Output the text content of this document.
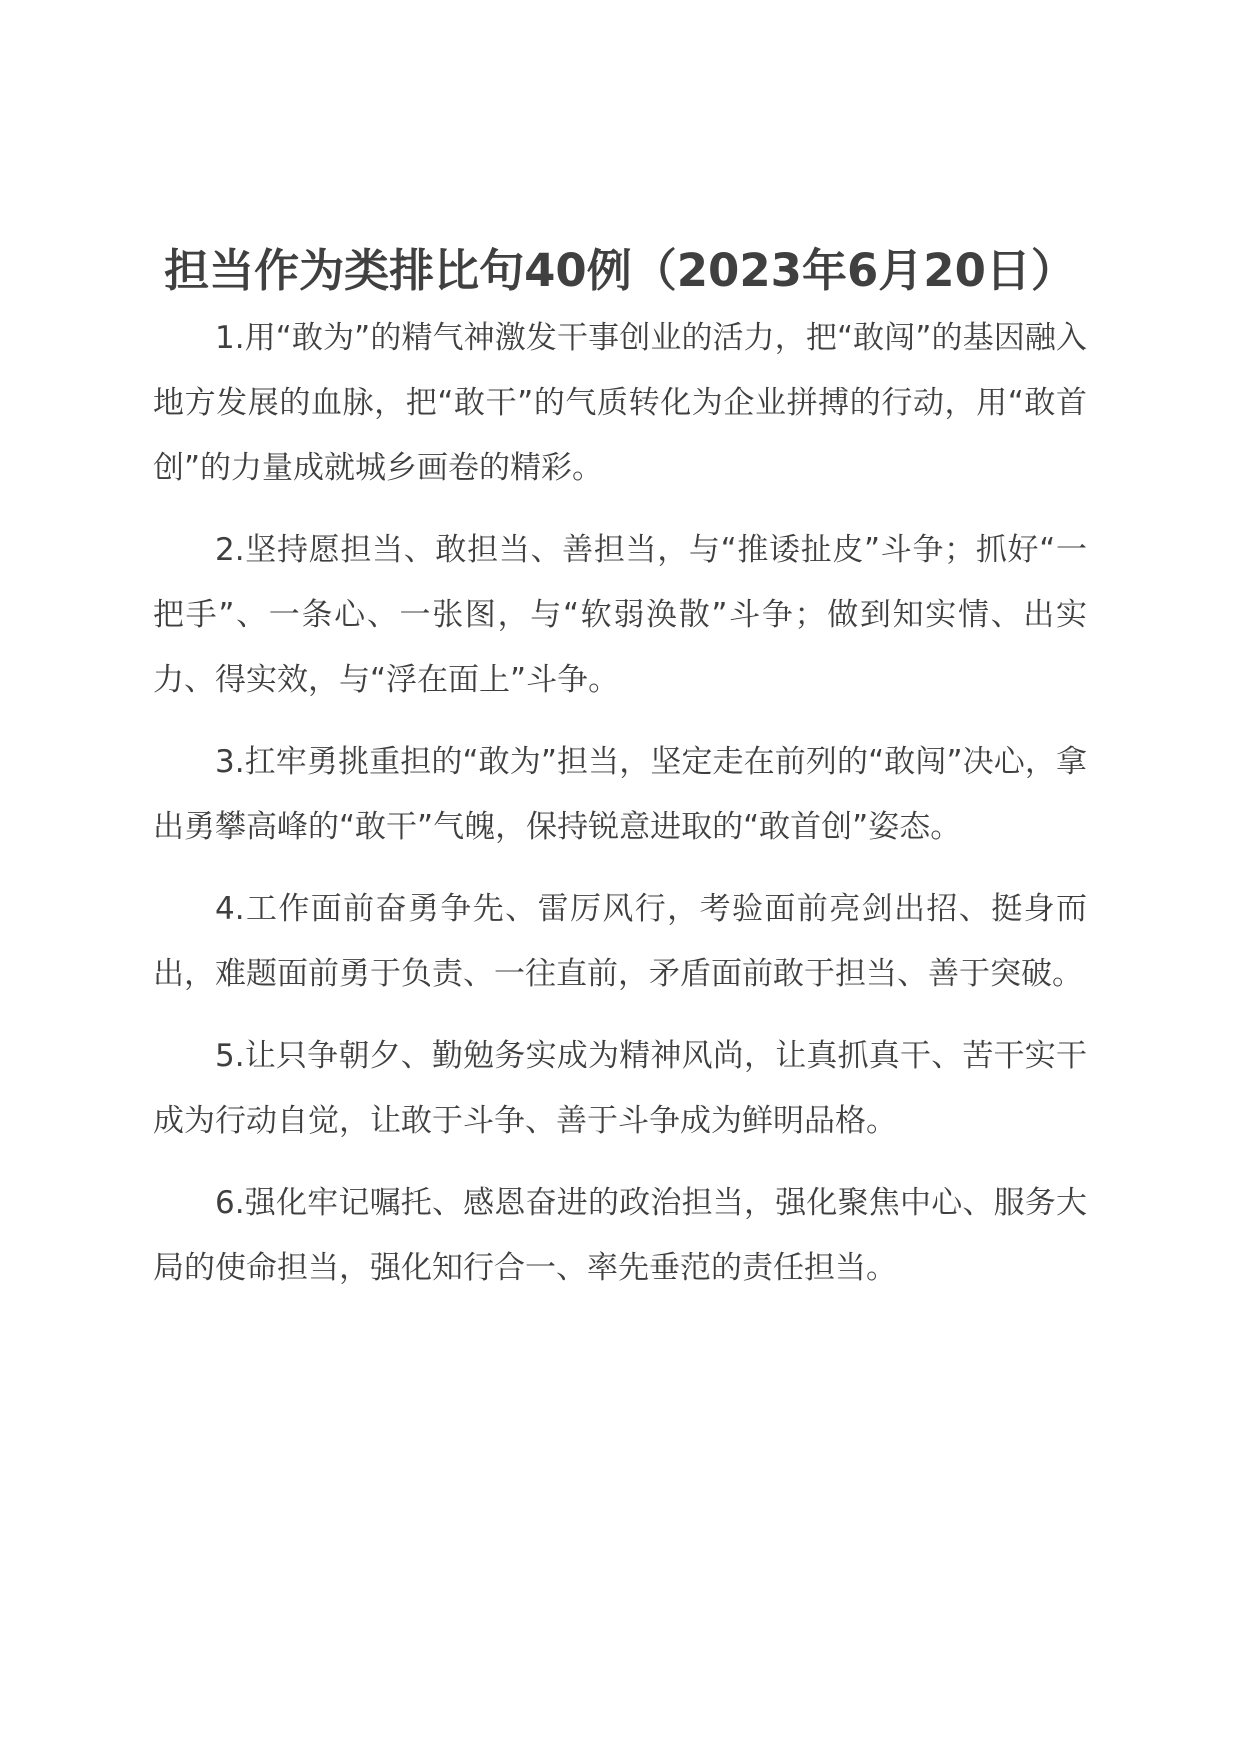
担当作为类排比句40例（2023年6月20日）

1.用“敢为”的精气神激发干事创业的活力，把“敢闯”的基因融入地方发展的血脉，把“敢干”的气质转化为企业拼搏的行动，用“敢首创”的力量成就城乡画卷的精彩。

2.坚持愿担当、敢担当、善担当，与“推诿扯皮”斗争；抓好“一把手”、一条心、一张图，与“软弱涣散”斗争；做到知实情、出实力、得实效，与“浮在面上”斗争。

3.扛牢勇挑重担的“敢为”担当，坚定走在前列的“敢闯”决心，拿出勇攀高峰的“敢干”气魄，保持锐意进取的“敢首创”姿态。

4.工作面前奋勇争先、雷厉风行，考验面前亮剑出招、挺身而出，难题面前勇于负责、一往直前，矛盾面前敢于担当、善于突破。

5.让只争朝夕、勤勉务实成为精神风尚，让真抓真干、苦干实干成为行动自觉，让敢于斗争、善于斗争成为鲜明品格。

6.强化牢记嘱托、感恩奋进的政治担当，强化聚焦中心、服务大局的使命担当，强化知行合一、率先垂范的责任担当。
